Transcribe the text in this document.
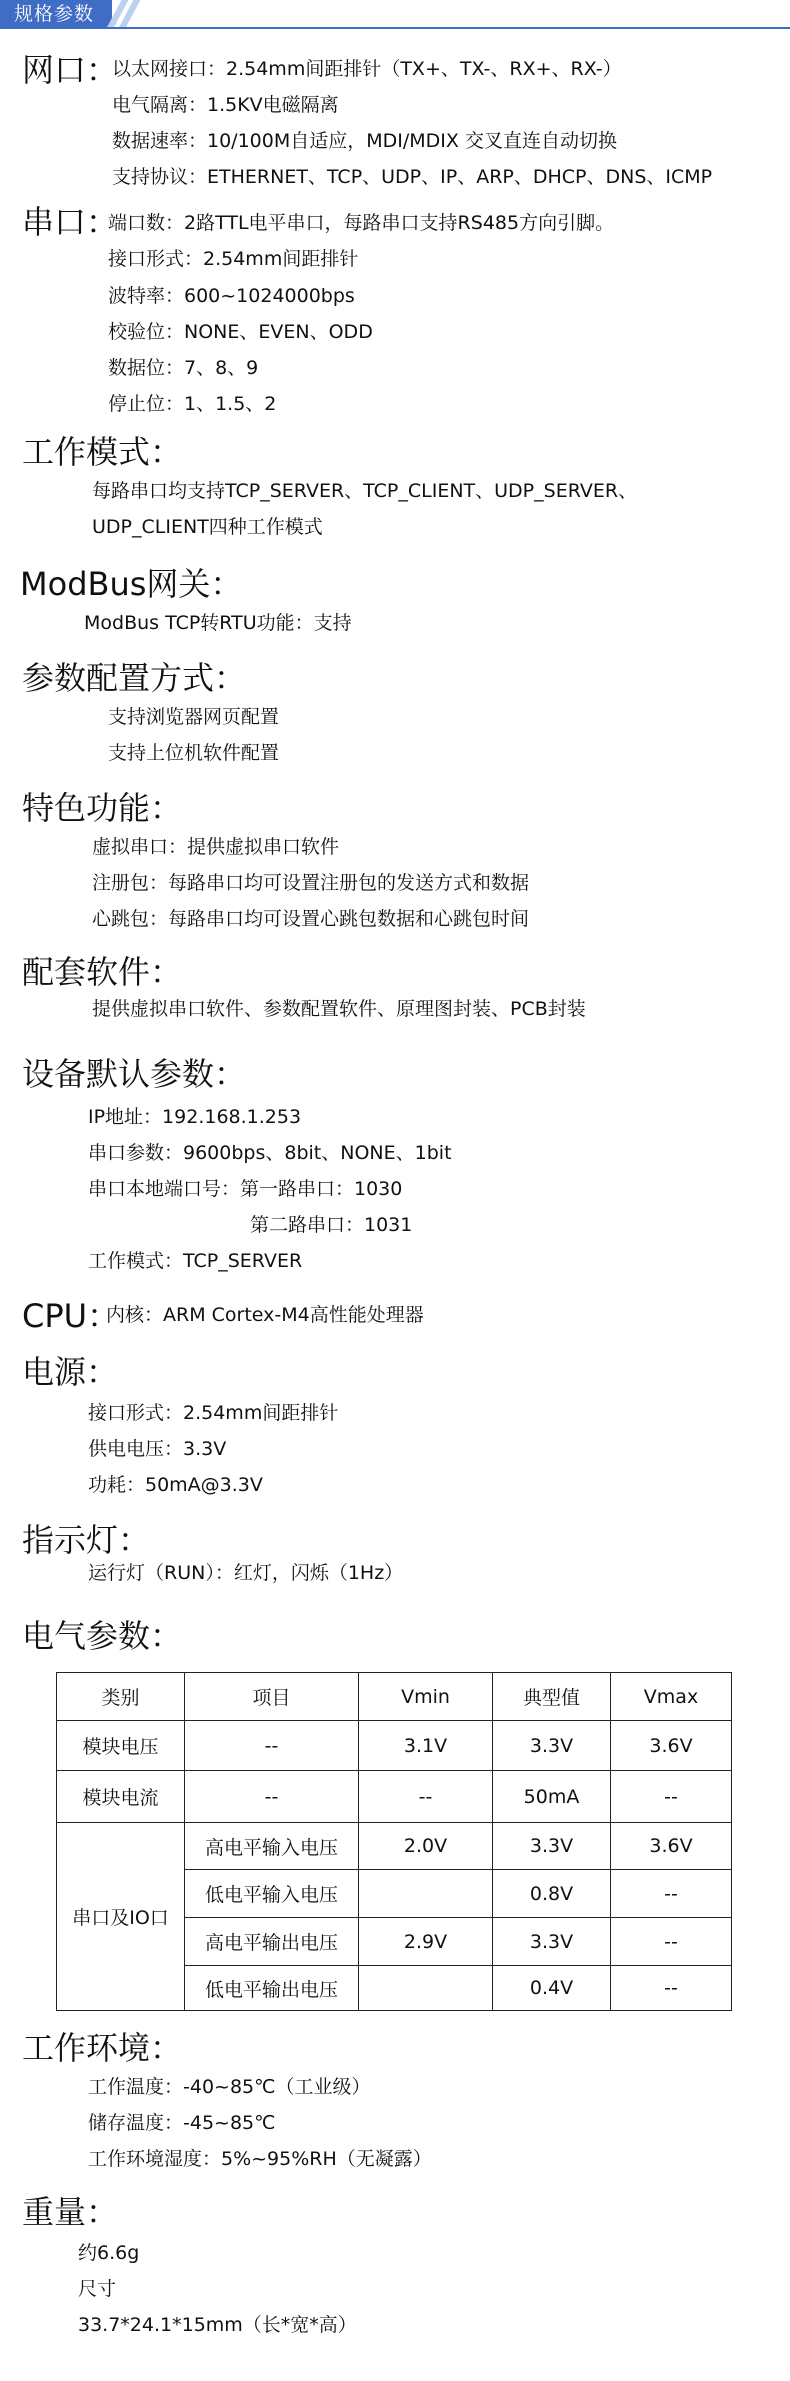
规格参数
网口：
以太网接口：2.54mm间距排针（TX+、TX-、RX+、RX-）
电气隔离：1.5KV电磁隔离
数据速率：10/100M自适应，MDI/MDIX 交叉直连自动切换
支持协议：ETHERNET、TCP、UDP、IP、ARP、DHCP、DNS、ICMP
串口：
端口数：2路TTL电平串口，每路串口支持RS485方向引脚。
接口形式：2.54mm间距排针
波特率：600~1024000bps
校验位：NONE、EVEN、ODD
数据位：7、8、9
停止位：1、1.5、2
工作模式：
每路串口均支持TCP_SERVER、TCP_CLIENT、UDP_SERVER、
UDP_CLIENT四种工作模式
ModBus网关：
ModBus TCP转RTU功能：支持
参数配置方式：
支持浏览器网页配置
支持上位机软件配置
特色功能：
虚拟串口：提供虚拟串口软件
注册包：每路串口均可设置注册包的发送方式和数据
心跳包：每路串口均可设置心跳包数据和心跳包时间
配套软件：
提供虚拟串口软件、参数配置软件、原理图封装、PCB封装
设备默认参数：
IP地址：192.168.1.253
串口参数：9600bps、8bit、NONE、1bit
串口本地端口号：第一路串口：1030
第二路串口：1031
工作模式：TCP_SERVER
CPU：
内核：ARM Cortex-M4高性能处理器
电源：
接口形式：2.54mm间距排针
供电电压：3.3V
功耗：50mA@3.3V
指示灯：
运行灯（RUN）：红灯，闪烁（1Hz）
电气参数：
类别	项目	Vmin	典型值	Vmax
模块电压	--	3.1V	3.3V	3.6V
模块电流	--	--	50mA	--
串口及IO口	高电平输入电压	2.0V	3.3V	3.6V
	低电平输入电压		0.8V	--
	高电平输出电压	2.9V	3.3V	--
	低电平输出电压		0.4V	--
工作环境：
工作温度：-40~85℃（工业级）
储存温度：-45~85℃
工作环境湿度：5%~95%RH（无凝露）
重量：
约6.6g
尺寸
33.7*24.1*15mm（长*宽*高）
